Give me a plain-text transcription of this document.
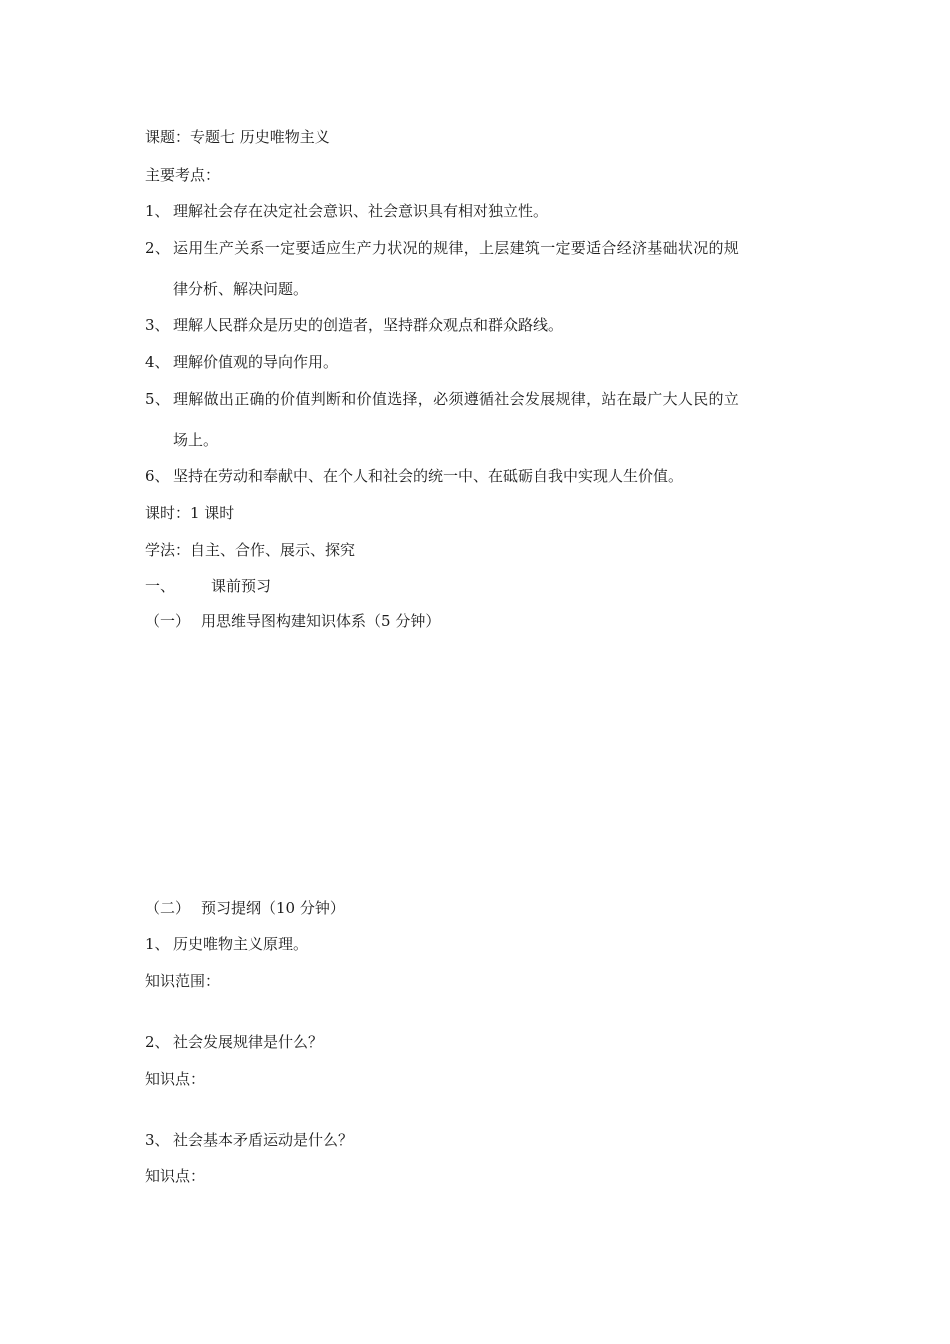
课题：专题七 历史唯物主义
主要考点：
1、 理解社会存在决定社会意识、社会意识具有相对独立性。
2、 运用生产关系一定要适应生产力状况的规律，上层建筑一定要适合经济基础状况的规
律分析、解决问题。
3、 理解人民群众是历史的创造者，坚持群众观点和群众路线。
4、 理解价值观的导向作用。
5、 理解做出正确的价值判断和价值选择，必须遵循社会发展规律，站在最广大人民的立
场上。
6、 坚持在劳动和奉献中、在个人和社会的统一中、在砥砺自我中实现人生价值。
课时：1 课时
学法：自主、合作、展示、探究
一、 课前预习
（一） 用思维导图构建知识体系（5 分钟）
（二） 预习提纲（10 分钟）
1、 历史唯物主义原理。
知识范围：
2、 社会发展规律是什么？
知识点：
3、 社会基本矛盾运动是什么？
知识点：
